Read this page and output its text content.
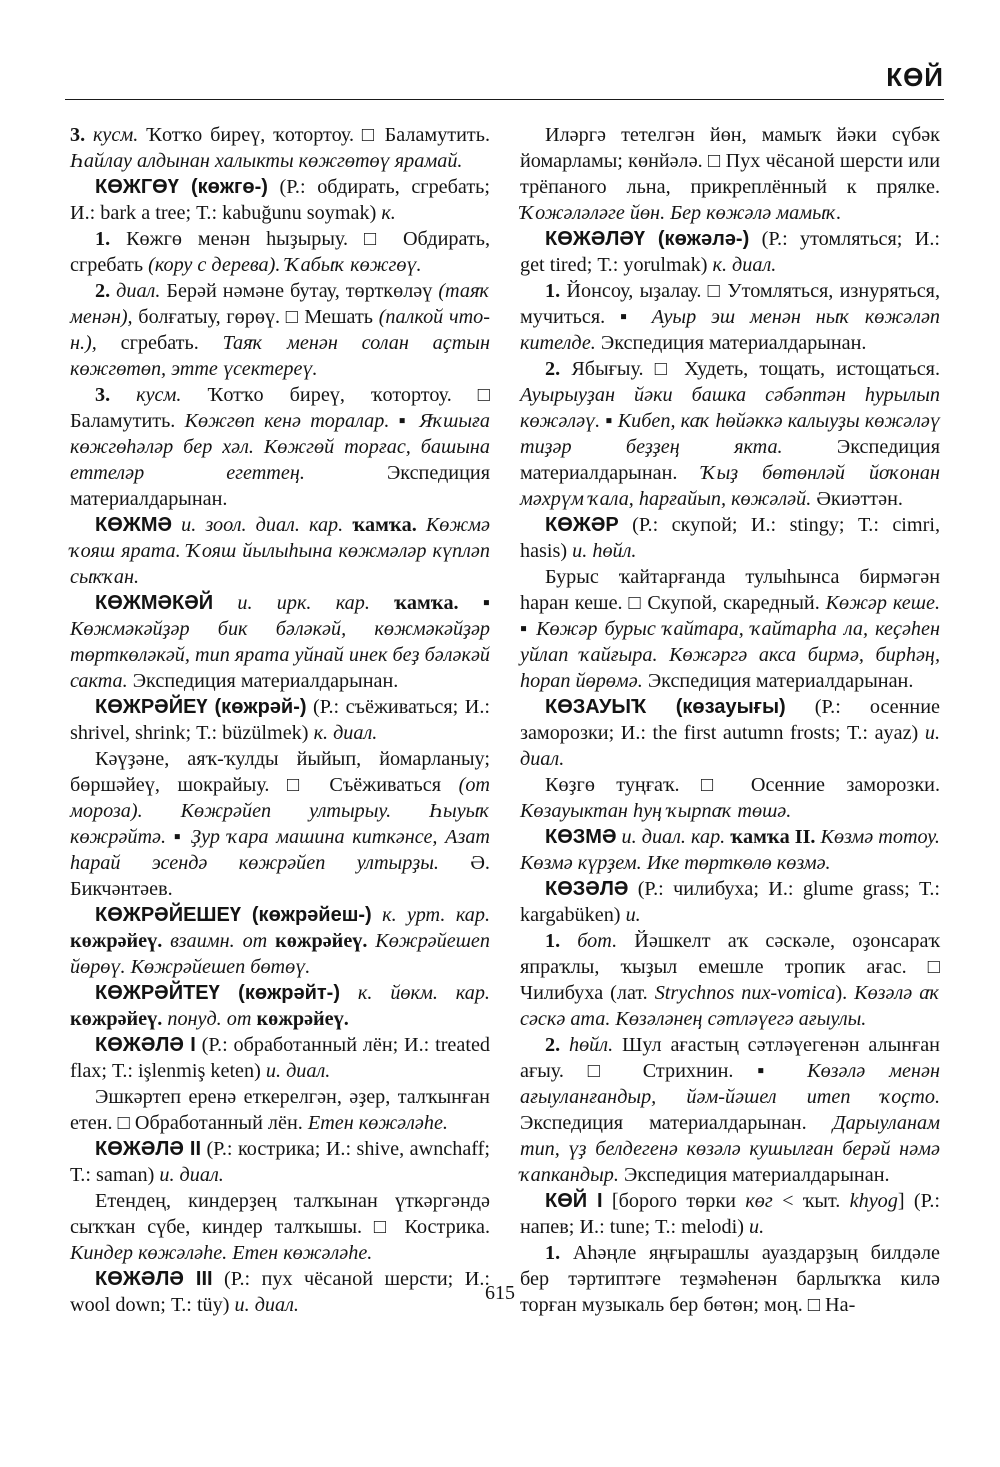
КӨЙ

3. кусм. Ҡотҡо биреү, ҡотортоу. □ Баламутить. Һайлау алдынан халыкты көжгөтөү ярамай.

КӨЖГӨҮ (көжгө-) (Р.: обдирать, сгребать; И.: bark a tree; Т.: kabuğunu soymak) к.

1. Көжгө менән һыҙырыу. □ Обдирать, сгребать (кору с дерева). Ҡабыҡ көжгөү.

2. диал. Берәй нәмәне бутау, төрткөләү (таяҡ менән), болғатыу, гөрөү. □ Мешать (палкой что-н.), сгребать. Таяҡ менән солан аҫтын көжгөтөп, этте үсектереү.

3. кусм. Ҡотҡо биреү, ҡотортоу. □ Баламутить. Көжгөп кенә торалар. ▪ Яҡшыға көжгөһәләр бер хәл. Көжгөй торғас, башына еттеләр егеттең. Экспедиция материалдарынан.

КӨЖМӘ и. зоол. диал. кар. ҡамҡа. Көжмә ҡояш ярата. Ҡояш йылыһына көжмәләр күпләп сыҡҡан.

КӨЖМӘКӘЙ и. ирк. кар. ҡамҡа. ▪ Көжмәкәйҙәр бик бәләкәй, көжмәкәйҙәр төрткөләкәй, тип ярата уйнай инек беҙ бәләкәй сакта. Экспедиция материалдарынан.

КӨЖРӘЙЕҮ (көжрәй-) (Р.: съёживаться; И.: shrivel, shrink; Т.: büzülmek) к. диал.

Кәүҙәне, аяҡ-ҡулды йыйып, йомарланыу; бөршәйеү, шокрайыу. □ Съёживаться (от мороза). Көжрәйеп ултырыу. Һыуыҡ көжрәйтә. ▪ Ҙур ҡара машина киткәнсе, Азат һарай эсендә көжрәйеп ултырҙы. Ә. Бикчәнтәев.

КӨЖРӘЙЕШЕҮ (көжрәйеш-) к. урт. кар. көжрәйеү. взаимн. от көжрәйеү. Көжрәйешеп йөрөү. Көжрәйешеп бөтөү.

КӨЖРӘЙТЕҮ (көжрәйт-) к. йөкм. кар. көжрәйеү. понуд. от көжрәйеү.

КӨЖӘЛӘ I (Р.: обработанный лён; И.: treated flax; Т.: işlenmiş keten) и. диал.

Эшкәртеп еренә еткерелгән, әҙер, талҡынған етен. □ Обработанный лён. Етен көжәләһе.

КӨЖӘЛӘ II (Р.: кострика; И.: shive, awnchaff; Т.: saman) и. диал.

Етендең, киндерҙең талҡынан үткәргәндә сыҡҡан сүбе, киндер талҡышы. □ Кострика. Киндер көжәләһе. Етен көжәләһе.

КӨЖӘЛӘ III (Р.: пух чёсаной шерсти; И.: wool down; Т.: tüy) и. диал.

Иләргә тетелгән йөн, мамыҡ йәки сүбәк йомарламы; көнйәлә. □ Пух чёсаной шерсти или трёпаного льна, прикреплённый к прялке. Ҡожәләләге йөн. Бер көжәлә мамыҡ.

КӨЖӘЛӘҮ (көжәлә-) (Р.: утомляться; И.: get tired; Т.: yorulmak) к. диал.

1. Йонсоу, ыҙалау. □ Утомляться, изнуряться, мучиться. ▪ Ауыр эш менән ныҡ көжәләп кителде. Экспедиция материалдарынан.

2. Ябығыу. □ Худеть, тощать, истощаться. Ауырыуҙан йәки башка сәбәптән һурылып көжәләү. ▪ Кибеп, каҡ һөйәккә калыуҙы көжәләү тиҙәр беҙҙең якта. Экспедиция материалдарынан. Ҡыҙ бөтөнләй йоҡонан мәхрүм ҡала, һарғайып, көжәләй. Әкиәттән.

КӨЖӘР (Р.: скупой; И.: stingy; Т.: cimri, hasis) и. һөйл.

Бурыс ҡайтарғанда тулыһынса бирмәгән һаран кеше. □ Скупой, скаредный. Көжәр кеше. ▪ Көжәр бурыс ҡайтара, ҡайтарһа ла, кеҫәһен уйлап ҡайғыра. Көжәргә акса бирмә, бирһәң, һорап йөрөмә. Экспедиция материалдарынан.

КӨЗАУЫҠ (көзауығы) (Р.: осенние заморозки; И.: the first autumn frosts; Т.: ayaz) и. диал.

Көҙгө туңғаҡ. □ Осенние заморозки. Көзауыктан һуң ҡырпаҡ төшә.

КӨЗМӘ и. диал. кар. ҡамҡа II. Көзмә тотоу. Көзмә күрҙем. Ике төрткөлө көзмә.

КӨЗӘЛӘ (Р.: чилибуха; И.: glume grass; Т.: kargabüken) и.

1. бот. Йәшкелт аҡ сәскәле, оҙонсараҡ япраҡлы, ҡыҙыл емешле тропик ағас. □ Чилибуха (лат. Strychnos nux-vomica). Көзәлә аҡ сәскә ата. Көзәләнең сәтләүегә ағыулы.

2. һөйл. Шул ағастың сәтләүегенән алынған ағыу. □ Стрихнин. ▪ Көзәлә менән ағыуланғандыр, йәм-йәшел итеп ҡоҫто. Экспедиция материалдарынан. Дарыуланам тип, үҙ белдегенә көзәлә кушылған берәй нәмә ҡапкандыр. Экспедиция материалдарынан.

КӨЙ I [борого төрки көг < ҡыт. khyog] (Р.: напев; И.: tune; Т.: melodi) и.

1. Аһәңле яңғырашлы ауаздарҙың билдәле бер тәртиптәге теҙмәһенән барлыҡҡа килә торған музыкаль бер бөтөн; моң. □ На-

615
